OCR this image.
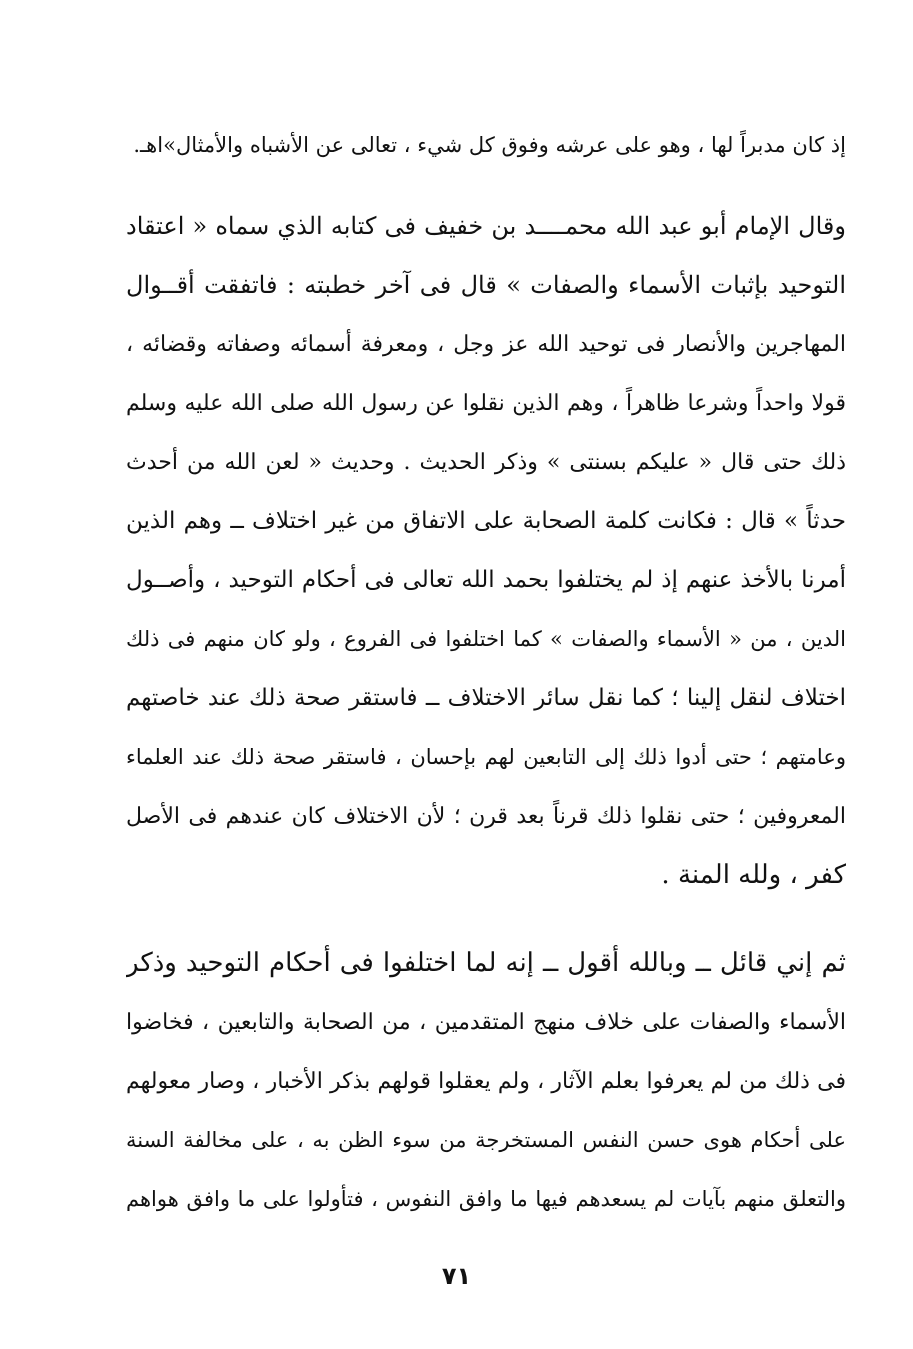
إذ كان مدبراً لها ، وهو على عرشه وفوق كل شيء ، تعالى عن الأشباه والأمثال»اهـ.
وقال الإمام أبو عبد الله محمــــد بن خفيف فى كتابه الذي سماه « اعتقاد
التوحيد بإثبات الأسماء والصفات » قال فى آخر خطبته : فاتفقت أقــوال
المهاجرين والأنصار فى توحيد الله عز وجل ، ومعرفة أسمائه وصفاته وقضائه ،
قولا واحداً وشرعا ظاهراً ، وهم الذين نقلوا عن رسول الله صلى الله عليه وسلم
ذلك حتى قال « عليكم بسنتى » وذكر الحديث . وحديث « لعن الله من أحدث
حدثاً » قال : فكانت كلمة الصحابة على الاتفاق من غير اختلاف ــ وهم الذين
أمرنا بالأخذ عنهم إذ لم يختلفوا بحمد الله تعالى فى أحكام التوحيد ، وأصــول
الدين ، من « الأسماء والصفات » كما اختلفوا فى الفروع ، ولو كان منهم فى ذلك
اختلاف لنقل إلينا ؛ كما نقل سائر الاختلاف ــ فاستقر صحة ذلك عند خاصتهم
وعامتهم ؛ حتى أدوا ذلك إلى التابعين لهم بإحسان ، فاستقر صحة ذلك عند العلماء
المعروفين ؛ حتى نقلوا ذلك قرناً بعد قرن ؛ لأن الاختلاف كان عندهم فى الأصل
كفر ، ولله المنة .
ثم إني قائل ــ وبالله أقول ــ إنه لما اختلفوا فى أحكام التوحيد وذكر
الأسماء والصفات على خلاف منهج المتقدمين ، من الصحابة والتابعين ، فخاضوا
فى ذلك من لم يعرفوا بعلم الآثار ، ولم يعقلوا قولهم بذكر الأخبار ، وصار معولهم
على أحكام هوى حسن النفس المستخرجة من سوء الظن به ، على مخالفة السنة
والتعلق منهم بآيات لم يسعدهم فيها ما وافق النفوس ، فتأولوا على ما وافق هواهم
٧١
